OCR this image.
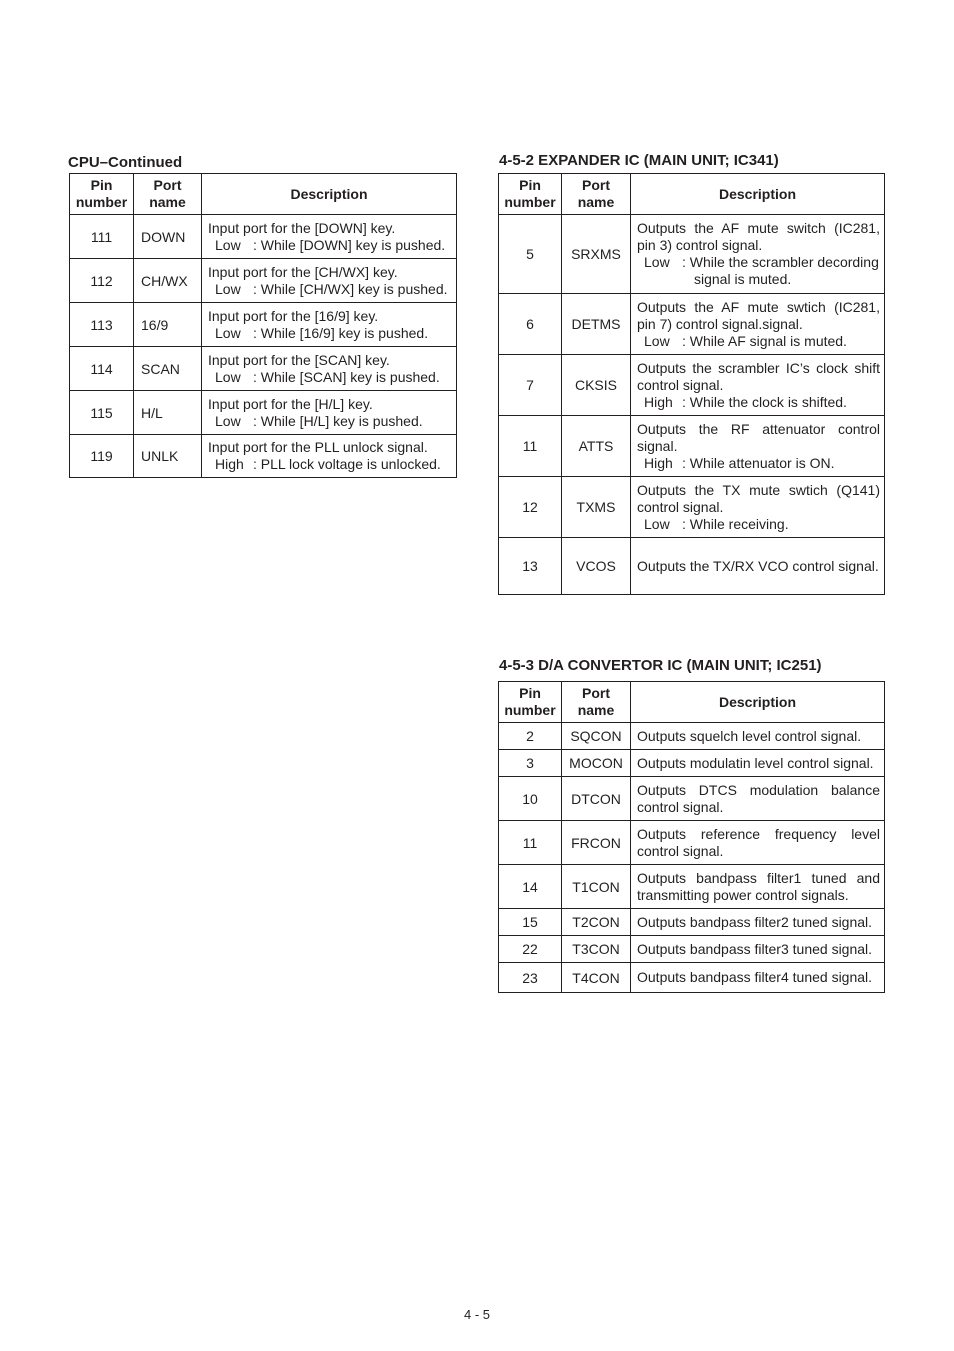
CPU–Continued
Pin
number	Port
name	Description
111	DOWN	Input port for the [DOWN] key.
Low : While [DOWN] key is pushed.

112	CH/WX	Input port for the [CH/WX] key.
Low : While [CH/WX] key is pushed.

113	16/9	Input port for the [16/9] key.
Low : While [16/9] key is pushed.

114	SCAN	Input port for the [SCAN] key.
Low : While [SCAN] key is pushed.

115	H/L	Input port for the [H/L] key.
Low : While [H/L] key is pushed.

119	UNLK	Input port for the PLL unlock signal.
High : PLL lock voltage is unlocked.
4-5-2 EXPANDER IC (MAIN UNIT; IC341)
Pin
number	Port
name	Description
5	SRXMS	Outputs the AF mute switch (IC281, pin 3) control signal.
Low : While the scrambler decording
signal is muted.

6	DETMS	Outputs the AF mute swtich (IC281, pin 7) control signal.signal.
Low : While AF signal is muted.

7	CKSIS	Outputs the scrambler IC’s clock shift control signal.
High : While the clock is shifted.

11	ATTS	Outputs the RF attenuator control signal.
High : While attenuator is ON.

12	TXMS	Outputs the TX mute swtich (Q141) control signal.
Low : While receiving.

13	VCOS	Outputs the TX/RX VCO control signal.
4-5-3 D/A CONVERTOR IC (MAIN UNIT; IC251)
Pin
number	Port
name	Description
2	SQCON	Outputs squelch level control signal.

3	MOCON	Outputs modulatin level control signal.

10	DTCON	Outputs DTCS modulation balance control signal.

11	FRCON	Outputs reference frequency level control signal.

14	T1CON	Outputs bandpass filter1 tuned and transmitting power control signals.

15	T2CON	Outputs bandpass filter2 tuned signal.

22	T3CON	Outputs bandpass filter3 tuned signal.

23	T4CON	Outputs bandpass filter4 tuned signal.
4 - 5
